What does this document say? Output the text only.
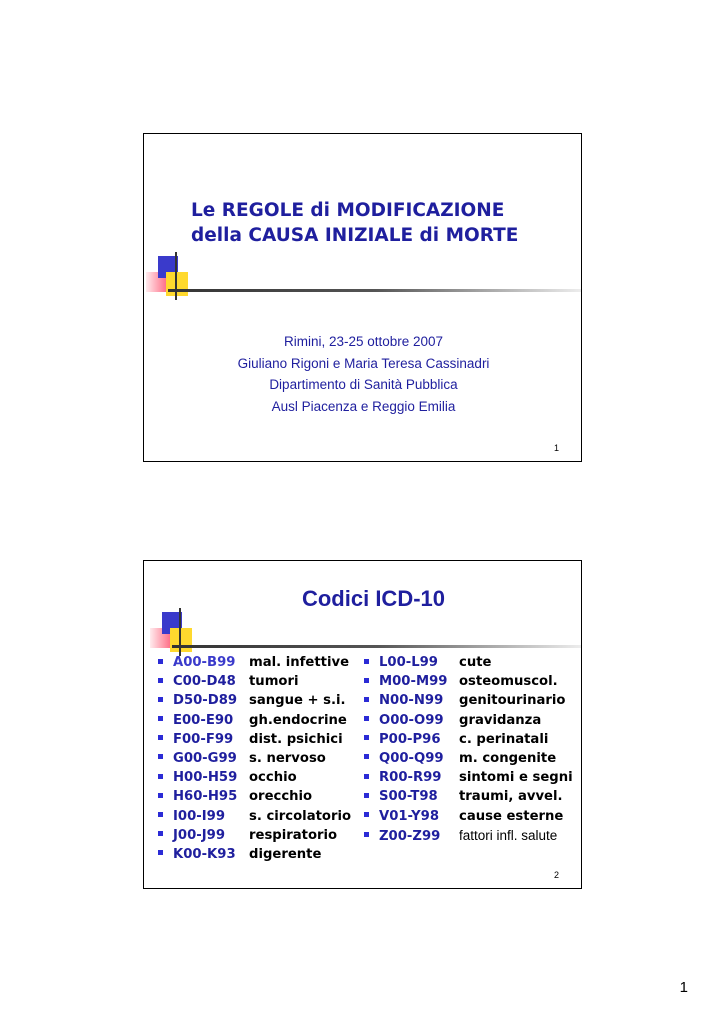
Le REGOLE di MODIFICAZIONE
della CAUSA INIZIALE di MORTE
Rimini, 23-25 ottobre 2007
Giuliano Rigoni e Maria Teresa Cassinadri
Dipartimento di Sanità Pubblica
Ausl Piacenza e Reggio Emilia
1
Codici ICD-10
A00-B99 mal. infettive
C00-D48 tumori
D50-D89 sangue + s.i.
E00-E90 gh.endocrine
F00-F99 dist. psichici
G00-G99 s. nervoso
H00-H59 occhio
H60-H95 orecchio
I00-I99 s. circolatorio
J00-J99 respiratorio
K00-K93 digerente
L00-L99 cute
M00-M99 osteomuscol.
N00-N99 genitourinario
O00-O99 gravidanza
P00-P96 c. perinatali
Q00-Q99 m. congenite
R00-R99 sintomi e segni
S00-T98 traumi, avvel.
V01-Y98 cause esterne
Z00-Z99 fattori infl. salute
2
1
